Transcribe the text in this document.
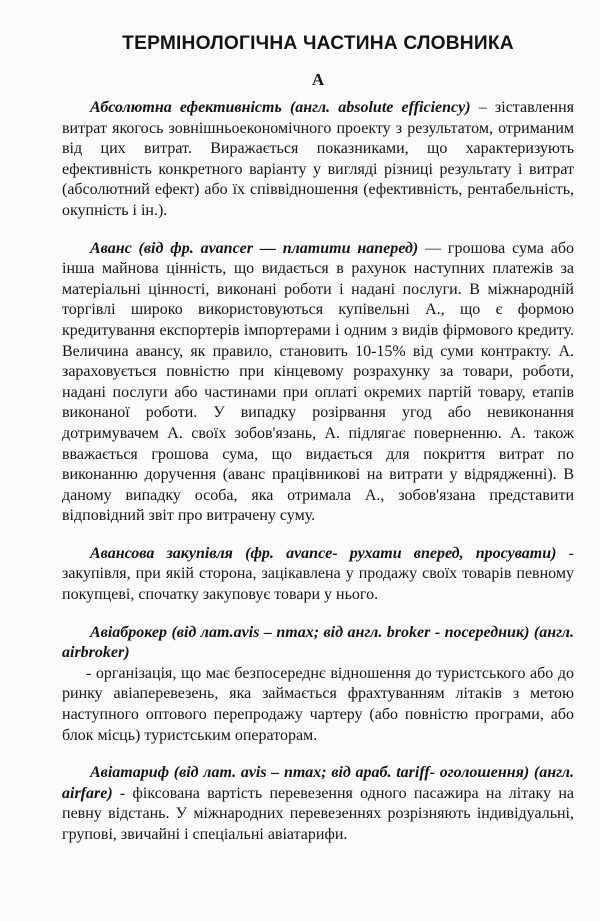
ТЕРМІНОЛОГІЧНА ЧАСТИНА СЛОВНИКА
А

Абсолютна ефективність (англ. absolute efficiency) – зіставлення витрат якогось зовнішньоекономічного проекту з результатом, отриманим від цих витрат. Виражається показниками, що характеризують ефективність конкретного варіанту у вигляді різниці результату і витрат (абсолютний ефект) або їх співвідношення (ефективність, рентабельність, окупність і ін.).

Аванс (від фр. avancer — платити наперед) — грошова сума або інша майнова цінність, що видається в рахунок наступних платежів за матеріальні цінності, виконані роботи і надані послуги. В міжнародній торгівлі широко використовуються купівельні А., що є формою кредитування експортерів імпортерами і одним з видів фірмового кредиту. Величина авансу, як правило, становить 10-15% від суми контракту. А. зараховується повністю при кінцевому розрахунку за товари, роботи, надані послуги або частинами при оплаті окремих партій товару, етапів виконаної роботи. У випадку розірвання угод або невиконання дотримувачем А. своїх зобов'язань, А. підлягає поверненню. А. також вважається грошова сума, що видається для покриття витрат по виконанню доручення (аванс працівникові на витрати у відрядженні). В даному випадку особа, яка отримала А., зобов'язана представити відповідний звіт про витрачену суму.

Авансова закупівля (фр. avance- рухати вперед, просувати) - закупівля, при якій сторона, зацікавлена у продажу своїх товарів певному покупцеві, спочатку закуповує товари у нього.

Авіаброкер (від лат.avis – птах; від англ. broker - посередник) (англ. airbroker)
- організація, що має безпосереднє відношення до туристського або до ринку авіаперевезень, яка займається фрахтуванням літаків з метою наступного оптового перепродажу чартеру (або повністю програми, або блок місць) туристським операторам.

Авіатариф (від лат. avis – птах; від араб. tariff- оголошення) (англ. airfare) - фіксована вартість перевезення одного пасажира на літаку на певну відстань. У міжнародних перевезеннях розрізняють індивідуальні, групові, звичайні і спеціальні авіатарифи.
